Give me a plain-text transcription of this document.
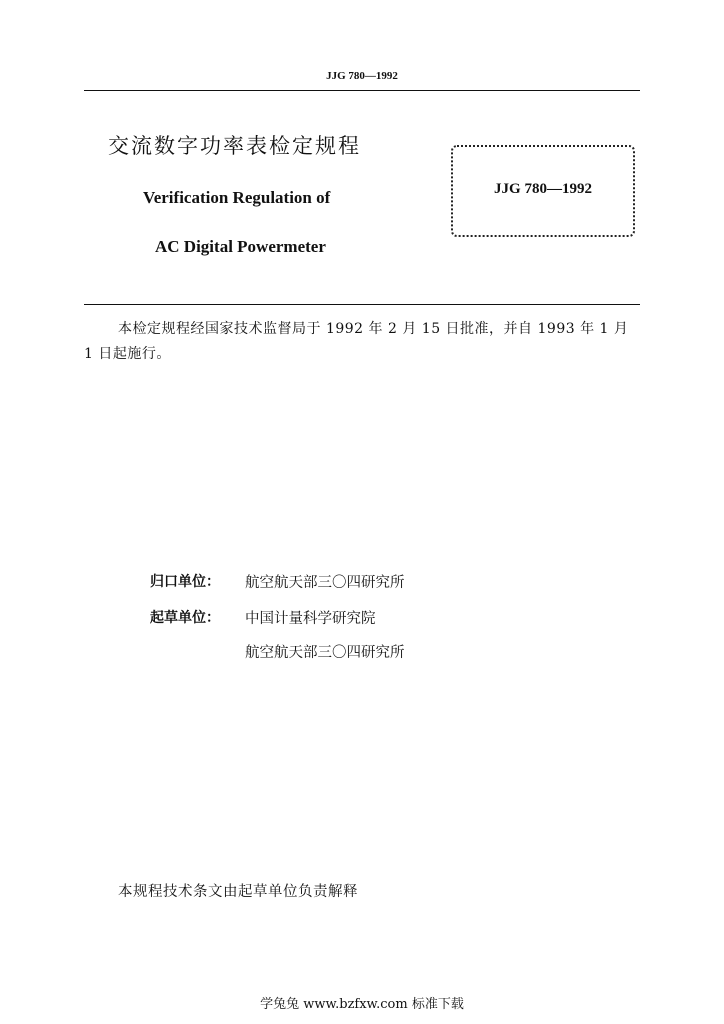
JJG 780—1992
交流数字功率表检定规程
Verification Regulation of
AC Digital Powermeter
JJG 780—1992
本检定规程经国家技术监督局于 1992 年 2 月 15 日批准，并自 1993 年 1 月 1 日起施行。
归口单位： 航空航天部三〇四研究所
起草单位： 中国计量科学研究院
航空航天部三〇四研究所
本规程技术条文由起草单位负责解释
学兔兔 www.bzfxw.com 标准下载
